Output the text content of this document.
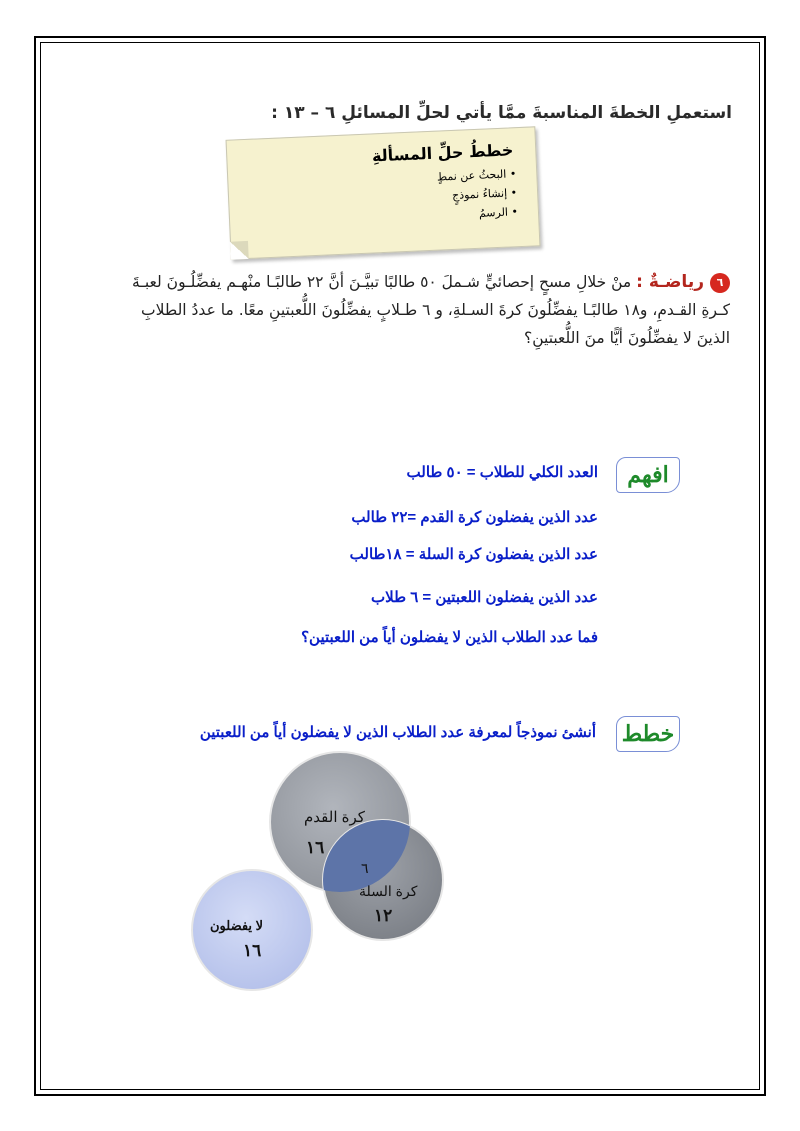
استعملِ الخطةَ المناسبةَ ممَّا يأتي لحلِّ المسائلِ ٦ – ١٣ :
خططُ حلِّ المسألةِ
• البحثُ عن نمطٍ
• إنشاءُ نموذجٍ
• الرسمُ
٦رياضـةٌ : منْ خلالِ مسحٍ إحصائيٍّ شـملَ ٥٠ طالبًا تبيَّـنَ أنَّ ٢٢ طالبًـا منْهـم يفضِّلُـونَ لعبـةَ كـرةِ القـدمِ، و١٨ طالبًـا يفضِّلُونَ كرةَ السـلةِ، و ٦ طـلابٍ يفضِّلُونَ اللُّعبتينِ معًا. ما عددُ الطلابِ الذينَ لا يفضِّلُونَ أيًّا منَ اللُّعبتينِ؟
افهم
العدد الكلي للطلاب = ٥٠ طالب
عدد الذين يفضلون كرة القدم =٢٢ طالب
عدد الذين يفضلون كرة السلة = ١٨طالب
عدد الذين يفضلون اللعبتين = ٦ طلاب
فما عدد الطلاب الذين لا يفضلون أياً من اللعبتين؟
خطط
أنشئ نموذجاً لمعرفة عدد الطلاب الذين لا يفضلون أياً من اللعبتين
كرة القدم
١٦
٦
كرة السلة
١٢
لا يفضلون
١٦
